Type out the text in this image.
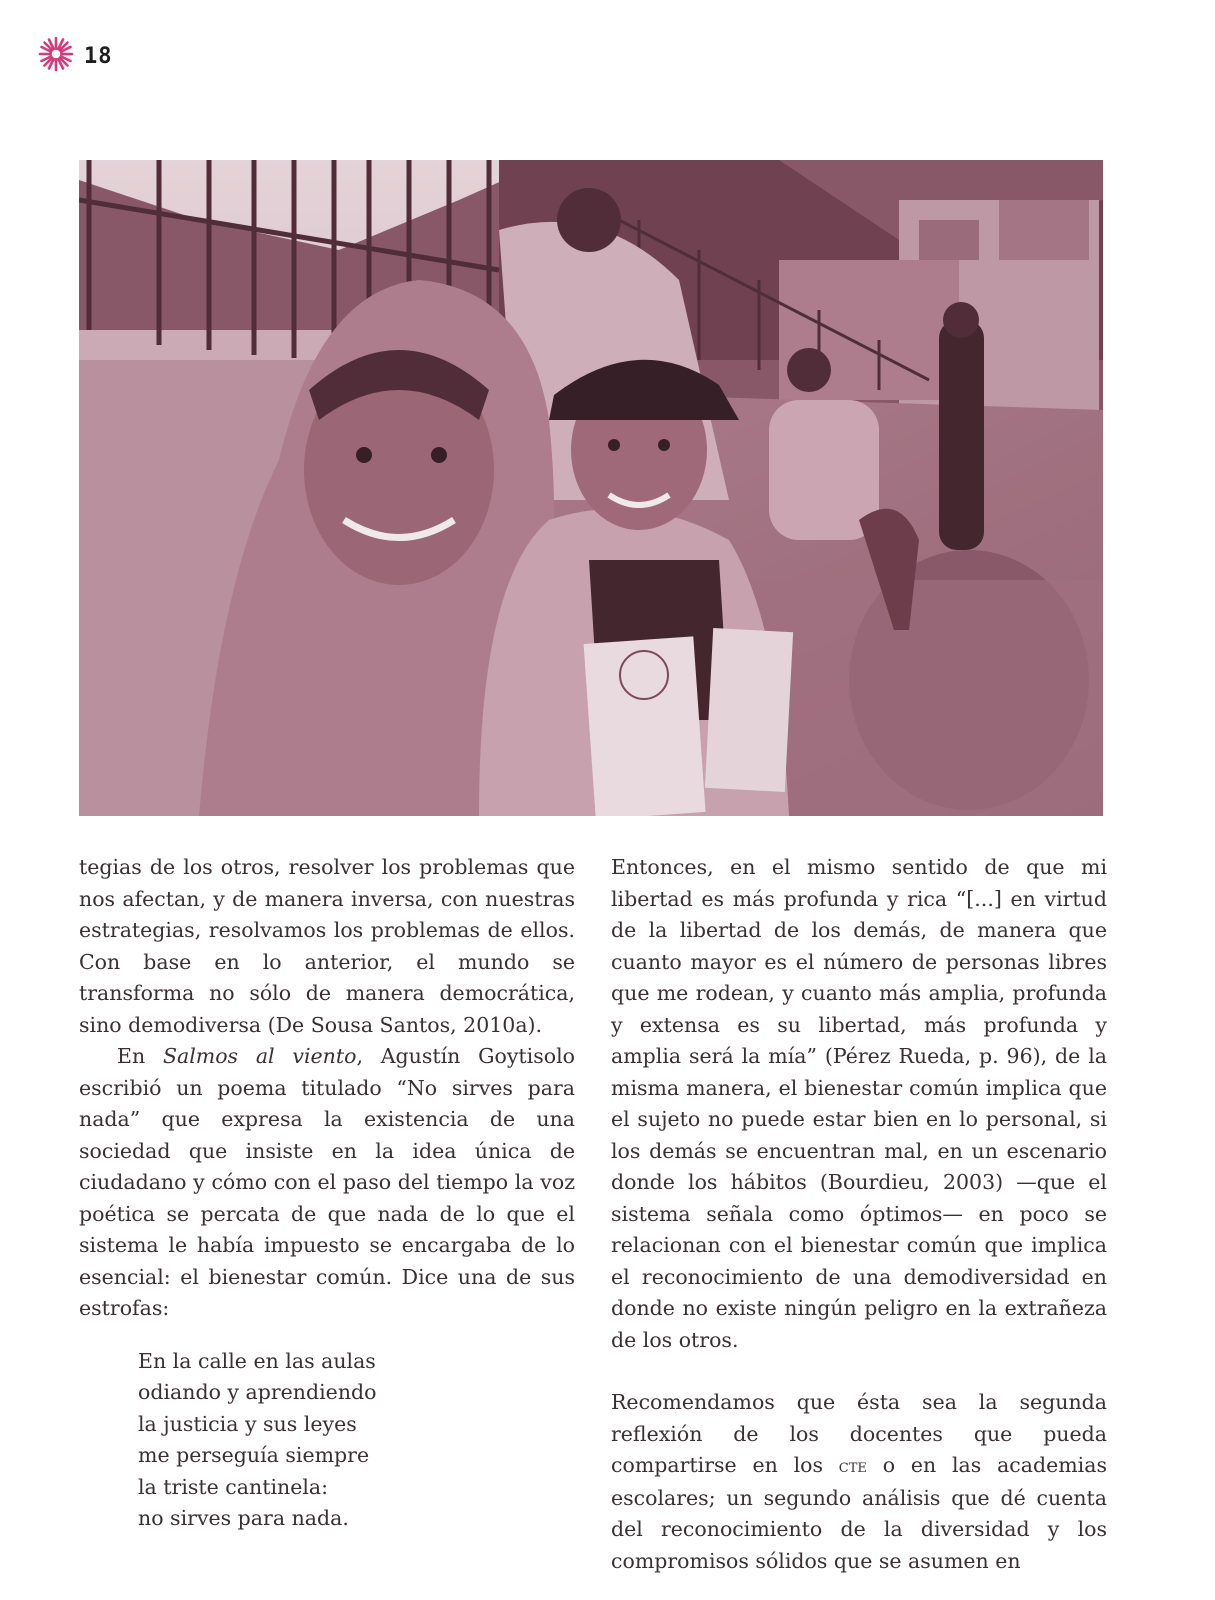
18

tegias de los otros, resolver los problemas que nos afectan, y de manera inversa, con nuestras estrategias, resolvamos los problemas de ellos. Con base en lo anterior, el mundo se transforma no sólo de manera democrática, sino demodiversa (De Sousa Santos, 2010a).

En Salmos al viento, Agustín Goytisolo escribió un poema titulado “No sirves para nada” que expresa la existencia de una sociedad que insiste en la idea única de ciudadano y cómo con el paso del tiempo la voz poética se percata de que nada de lo que el sistema le había impuesto se encargaba de lo esencial: el bienestar común. Dice una de sus estrofas:

En la calle en las aulas
odiando y aprendiendo
la justicia y sus leyes
me perseguía siempre
la triste cantinela:
no sirves para nada.

Entonces, en el mismo sentido de que mi libertad es más profunda y rica “[...] en virtud de la libertad de los demás, de manera que cuanto mayor es el número de personas libres que me rodean, y cuanto más amplia, profunda y extensa es su libertad, más profunda y amplia será la mía” (Pérez Rueda, p. 96), de la misma manera, el bienestar común implica que el sujeto no puede estar bien en lo personal, si los demás se encuentran mal, en un escenario donde los hábitos (Bourdieu, 2003) —que el sistema señala como óptimos— en poco se relacionan con el bienestar común que implica el reconocimiento de una demodiversidad en donde no existe ningún peligro en la extrañeza de los otros.

Recomendamos que ésta sea la segunda reflexión de los docentes que pueda compartirse en los cte o en las academias escolares; un segundo análisis que dé cuenta del reconocimiento de la diversidad y los compromisos sólidos que se asumen en
